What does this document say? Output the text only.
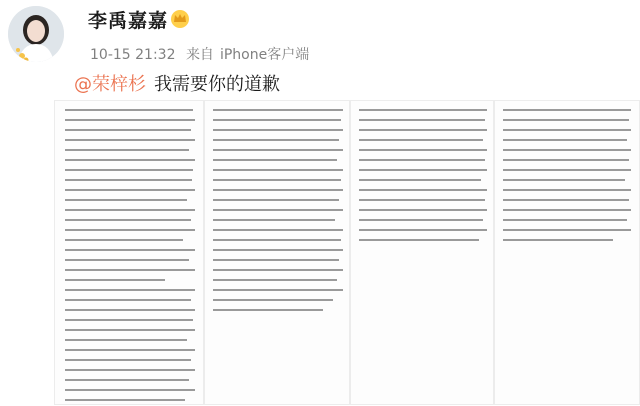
李禹嘉嘉
10-15 21:32 来自 iPhone客户端
@荣梓杉 我需要你的道歉
